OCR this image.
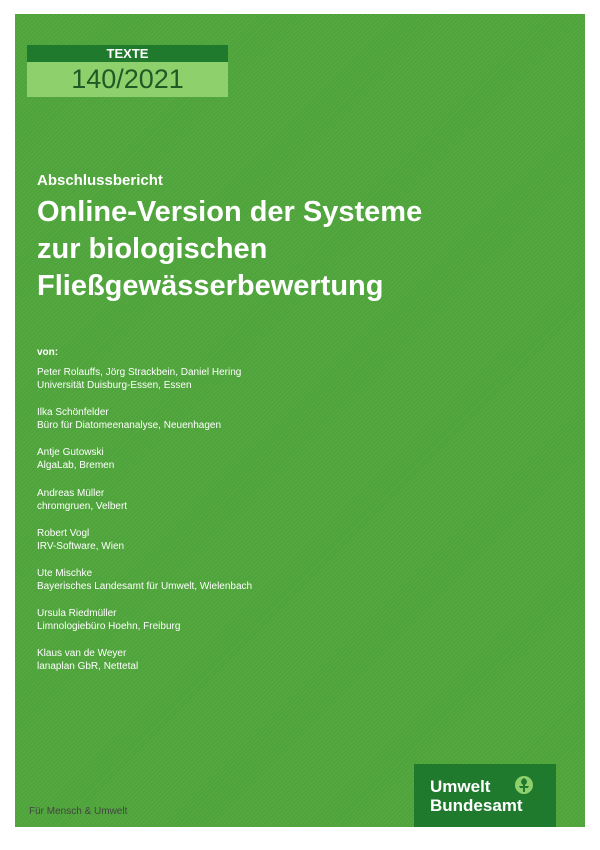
TEXTE
140/2021
Abschlussbericht
Online-Version der Systeme
zur biologischen
Fließgewässerbewertung
von:
Peter Rolauffs, Jörg Strackbein, Daniel Hering
Universität Duisburg-Essen, Essen
Ilka Schönfelder
Büro für Diatomeenanalyse, Neuenhagen
Antje Gutowski
AlgaLab, Bremen
Andreas Müller
chromgruen, Velbert
Robert Vogl
IRV-Software, Wien
Ute Mischke
Bayerisches Landesamt für Umwelt, Wielenbach
Ursula Riedmüller
Limnologiebüro Hoehn, Freiburg
Klaus van de Weyer
lanaplan GbR, Nettetal
Für Mensch & Umwelt
Umwelt
Bundesamt
